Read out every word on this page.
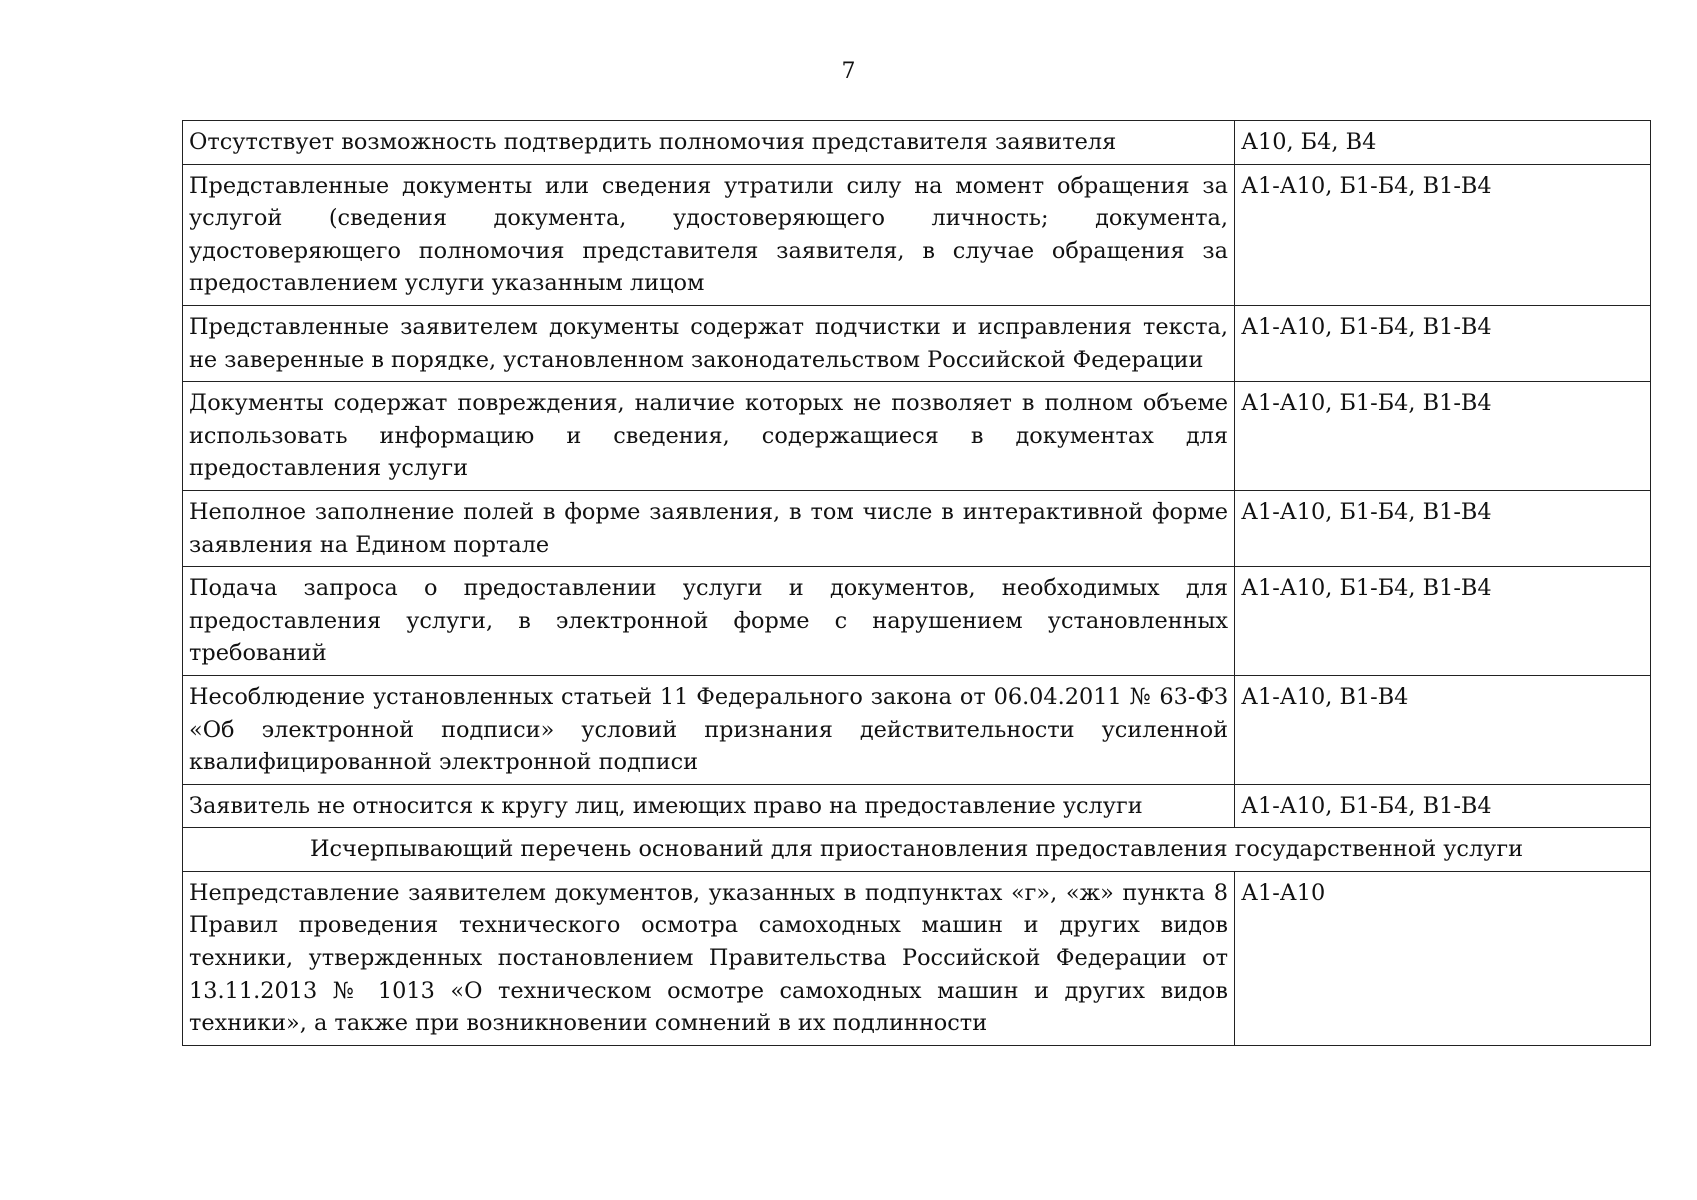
7
Отсутствует возможность подтвердить полномочия представителя заявителя	А10, Б4, В4
Представленные документы или сведения утратили силу на момент обращения за услугой (сведения документа, удостоверяющего личность; документа, удостоверяющего полномочия представителя заявителя, в случае обращения за предоставлением услуги указанным лицом	А1-А10, Б1-Б4, В1-В4
Представленные заявителем документы содержат подчистки и исправления текста, не заверенные в порядке, установленном законодательством Российской Федерации	А1-А10, Б1-Б4, В1-В4
Документы содержат повреждения, наличие которых не позволяет в полном объеме использовать информацию и сведения, содержащиеся в документах для предоставления услуги	А1-А10, Б1-Б4, В1-В4
Неполное заполнение полей в форме заявления, в том числе в интерактивной форме заявления на Едином портале	А1-А10, Б1-Б4, В1-В4
Подача запроса о предоставлении услуги и документов, необходимых для предоставления услуги, в электронной форме с нарушением установленных требований	А1-А10, Б1-Б4, В1-В4
Несоблюдение установленных статьей 11 Федерального закона от 06.04.2011 № 63-ФЗ «Об электронной подписи» условий признания действительности усиленной квалифицированной электронной подписи	А1-А10, В1-В4
Заявитель не относится к кругу лиц, имеющих право на предоставление услуги	А1-А10, Б1-Б4, В1-В4
Исчерпывающий перечень оснований для приостановления предоставления государственной услуги	
Непредставление заявителем документов, указанных в подпунктах «г», «ж» пункта 8 Правил проведения технического осмотра самоходных машин и других видов техники, утвержденных постановлением Правительства Российской Федерации от 13.11.2013 № 1013 «О техническом осмотре самоходных машин и других видов техники», а также при возникновении сомнений в их подлинности	А1-А10
